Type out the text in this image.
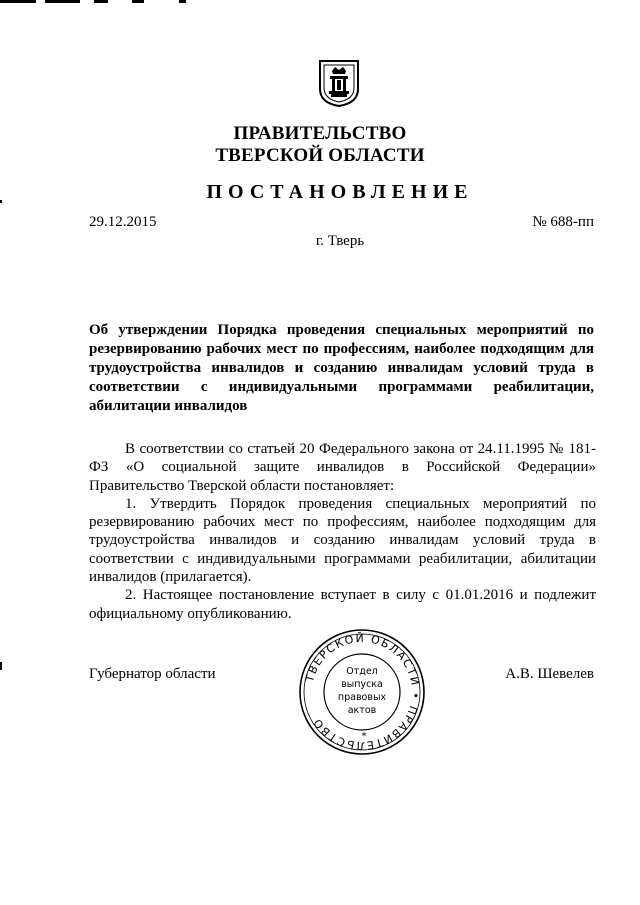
ПРАВИТЕЛЬСТВО
ТВЕРСКОЙ ОБЛАСТИ
ПОСТАНОВЛЕНИЕ
29.12.2015	№ 688-пп
г. Тверь
Об утверждении Порядка проведения специальных мероприятий по резервированию рабочих мест по профессиям, наиболее подходящим для трудоустройства инвалидов и созданию инвалидам условий труда в соответствии с индивидуальными программами реабилитации, абилитации инвалидов

В соответствии со статьей 20 Федерального закона от 24.11.1995 № 181-ФЗ «О социальной защите инвалидов в Российской Федерации» Правительство Тверской области постановляет:

1. Утвердить Порядок проведения специальных мероприятий по резервированию рабочих мест по профессиям, наиболее подходящим для трудоустройства инвалидов и созданию инвалидам условий труда в соответствии с индивидуальными программами реабилитации, абилитации инвалидов (прилагается).

2. Настоящее постановление вступает в силу с 01.01.2016 и подлежит официальному опубликованию.

Губернатор области	А.В. Шевелев
ТВЕРСКОЙ ОБЛАСТИ • ПРАВИТЕЛЬСТВО
Отдел
выпуска
правовых
актов
*
